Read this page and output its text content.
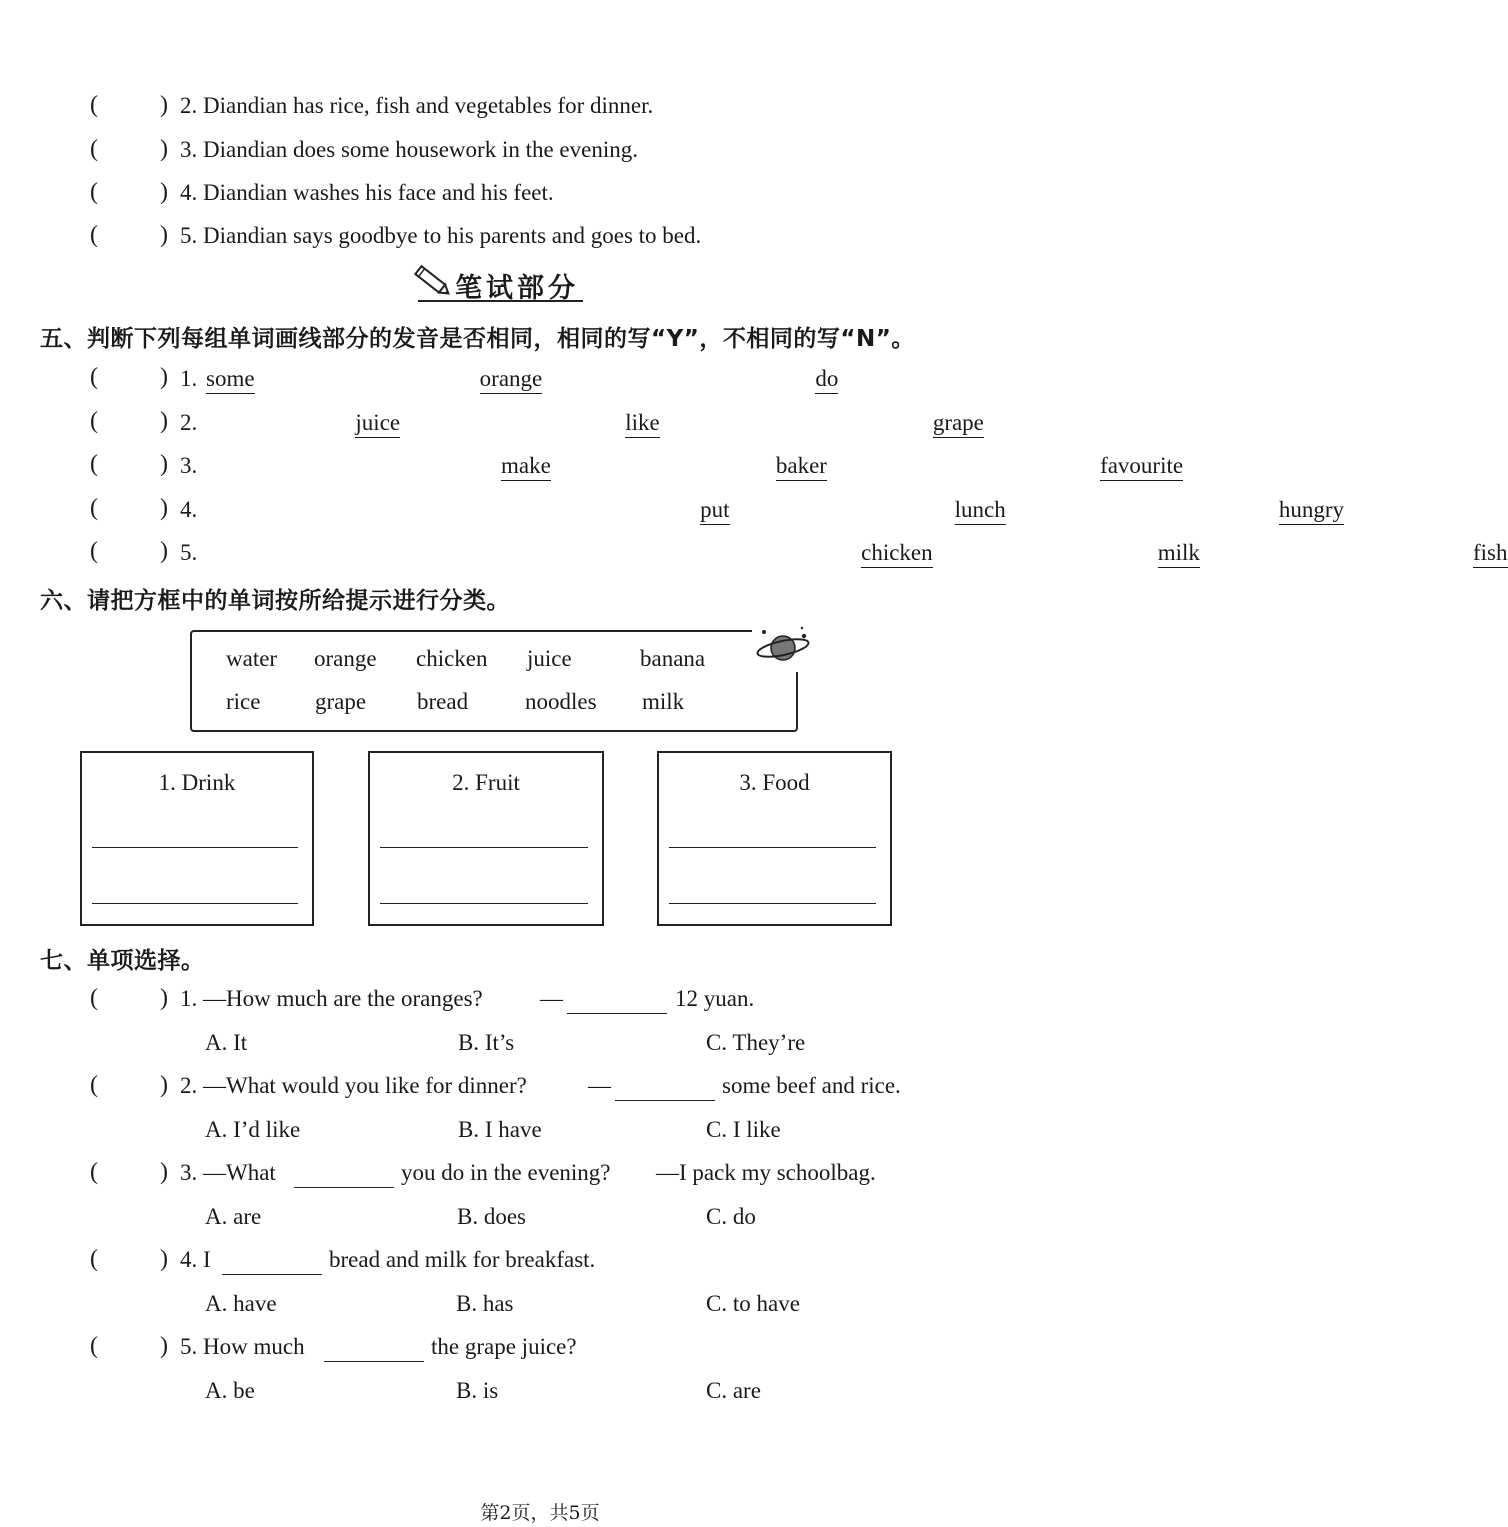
(	) 2. Diandian has rice, fish and vegetables for dinner.
(	) 3. Diandian does some housework in the evening.
(	) 4. Diandian washes his face and his feet.
(	) 5. Diandian says goodbye to his parents and goes to bed.
笔试部分
五、判断下列每组单词画线部分的发音是否相同，相同的写“Y”，不相同的写“N”。
(	) 1. some	orange	do
(	) 2.	juice	like	grape
(	) 3.	make	baker	favourite
(	) 4.	put	lunch	hungry
(	) 5.	chicken	milk	fish
六、请把方框中的单词按所给提示进行分类。
water orange chicken juice	banana
rice grape bread noodles milk
1. Drink	2. Fruit	3. Food
七、单项选择。
(	) 1. —How much are the oranges? —	12 yuan.
A. It	B. It’s	C. They’re
(	) 2. —What would you like for dinner?	—	some beef and rice.
A. I’d like	B. I have	C. I like
(	) 3. —What	you do in the evening? —I pack my schoolbag.
A. are	B. does	C. do
(	) 4. I	bread and milk for breakfast.
A. have	B. has	C. to have
(	) 5. How much	the grape juice?
A. be	B. is	C. are
第2页，共5页
